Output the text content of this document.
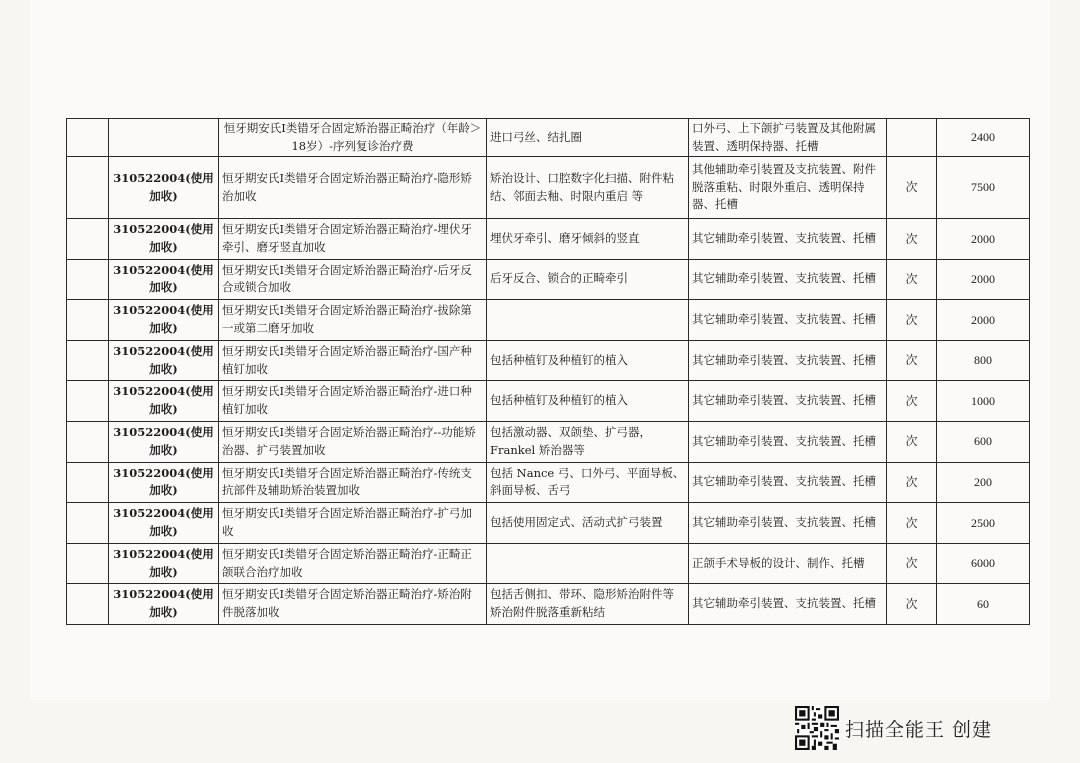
		恒牙期安氏Ⅰ类错牙合固定矫治器正畸治疗（年龄＞18岁）-序列复诊治疗费	进口弓丝、结扎圈	口外弓、上下颌扩弓装置及其他附属装置、透明保持器、托槽		2400
	310522004(使用加收)	恒牙期安氏Ⅰ类错牙合固定矫治器正畸治疗-隐形矫治加收	矫治设计、口腔数字化扫描、附件粘结、邻面去釉、时限内重启 等	其他辅助牵引装置及支抗装置、附件脱落重粘、时限外重启、透明保持器、托槽	次	7500
	310522004(使用加收)	恒牙期安氏Ⅰ类错牙合固定矫治器正畸治疗-埋伏牙牵引、磨牙竖直加收	埋伏牙牵引、磨牙倾斜的竖直	其它辅助牵引装置、支抗装置、托槽	次	2000
	310522004(使用加收)	恒牙期安氏Ⅰ类错牙合固定矫治器正畸治疗-后牙反合或锁合加收	后牙反合、锁合的正畸牵引	其它辅助牵引装置、支抗装置、托槽	次	2000
	310522004(使用加收)	恒牙期安氏Ⅰ类错牙合固定矫治器正畸治疗-拔除第一或第二磨牙加收		其它辅助牵引装置、支抗装置、托槽	次	2000
	310522004(使用加收)	恒牙期安氏Ⅰ类错牙合固定矫治器正畸治疗-国产种植钉加收	包括种植钉及种植钉的植入	其它辅助牵引装置、支抗装置、托槽	次	800
	310522004(使用加收)	恒牙期安氏Ⅰ类错牙合固定矫治器正畸治疗-进口种植钉加收	包括种植钉及种植钉的植入	其它辅助牵引装置、支抗装置、托槽	次	1000
	310522004(使用加收)	恒牙期安氏Ⅰ类错牙合固定矫治器正畸治疗--功能矫治器、扩弓装置加收	包括激动器、双颌垫、扩弓器，Frankel 矫治器等	其它辅助牵引装置、支抗装置、托槽	次	600
	310522004(使用加收)	恒牙期安氏Ⅰ类错牙合固定矫治器正畸治疗-传统支抗部件及辅助矫治装置加收	包括 Nance 弓、口外弓、平面导板、斜面导板、舌弓	其它辅助牵引装置、支抗装置、托槽	次	200
	310522004(使用加收)	恒牙期安氏Ⅰ类错牙合固定矫治器正畸治疗-扩弓加收	包括使用固定式、活动式扩弓装置	其它辅助牵引装置、支抗装置、托槽	次	2500
	310522004(使用加收)	恒牙期安氏Ⅰ类错牙合固定矫治器正畸治疗-正畸正颌联合治疗加收		正颌手术导板的设计、制作、托槽	次	6000
	310522004(使用加收)	恒牙期安氏Ⅰ类错牙合固定矫治器正畸治疗-矫治附件脱落加收	包括舌侧扣、带环、隐形矫治附件等矫治附件脱落重新粘结	其它辅助牵引装置、支抗装置、托槽	次	60
扫描全能王 创建
